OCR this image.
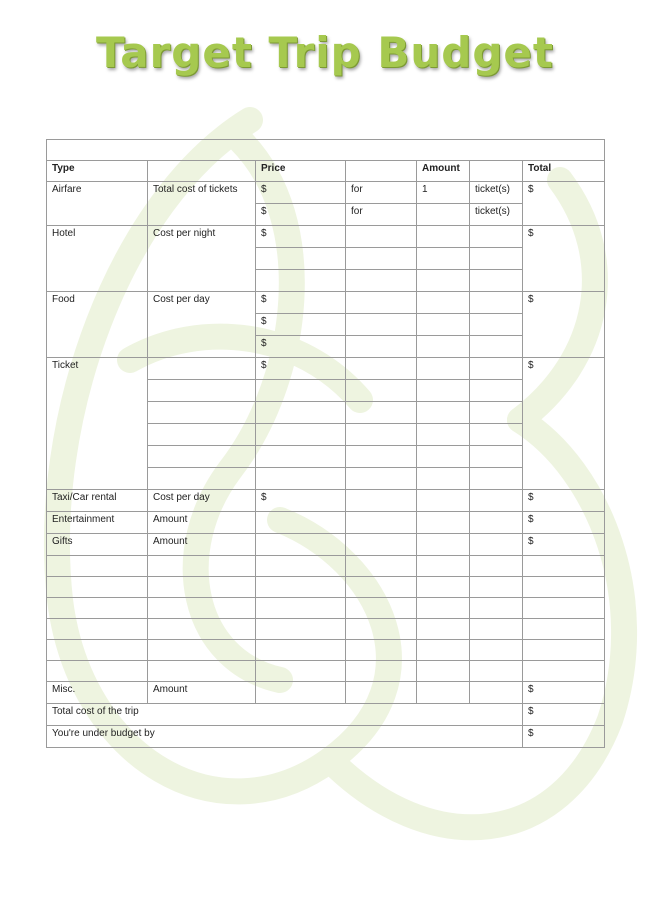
Target Trip Budget

Type		Price		Amount		Total
Airfare	Total cost of tickets	$	for	1	ticket(s)	$
		$	for		ticket(s)	
Hotel	Cost per night	$				$

Food	Cost per day	$				$
		$				
		$				
Ticket		$				$

Taxi/Car rental	Cost per day	$				$
Entertainment	Amount					$
Gifts	Amount					$

Misc.	Amount					$
Total cost of the trip						$
You're under budget by						$
